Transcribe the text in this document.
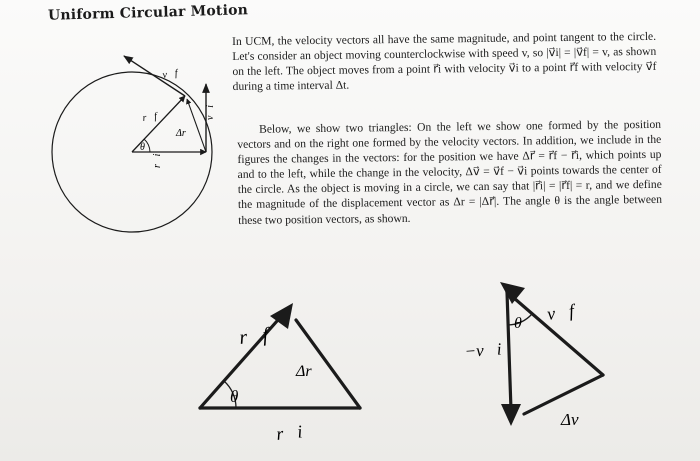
Uniform Circular Motion
v⃗f
r⃗f
Δr⃗
v⃗i
θ
r⃗i

In UCM, the velocity vectors all have the same magnitude, and point tangent to the circle. Let's consider an object moving counterclockwise with speed v, so |v⃗i| = |v⃗f| = v, as shown on the left. The object moves from a point r⃗i with velocity v⃗i to a point r⃗f with velocity v⃗f during a time interval Δt.

Below, we show two triangles: On the left we show one formed by the position vectors and on the right one formed by the velocity vectors. In addition, we include in the figures the changes in the vectors: for the position we have Δr⃗ = r⃗f − r⃗i, which points up and to the left, while the change in the velocity, Δv⃗ = v⃗f − v⃗i points towards the center of the circle. As the object is moving in a circle, we can say that |r⃗i| = |r⃗f| = r, and we define the magnitude of the displacement vector as Δr = |Δr⃗|. The angle θ is the angle between these two position vectors, as shown.

r⃗f
Δr⃗
θ
r⃗i
v⃗f
θ
−v⃗i
Δv⃗
